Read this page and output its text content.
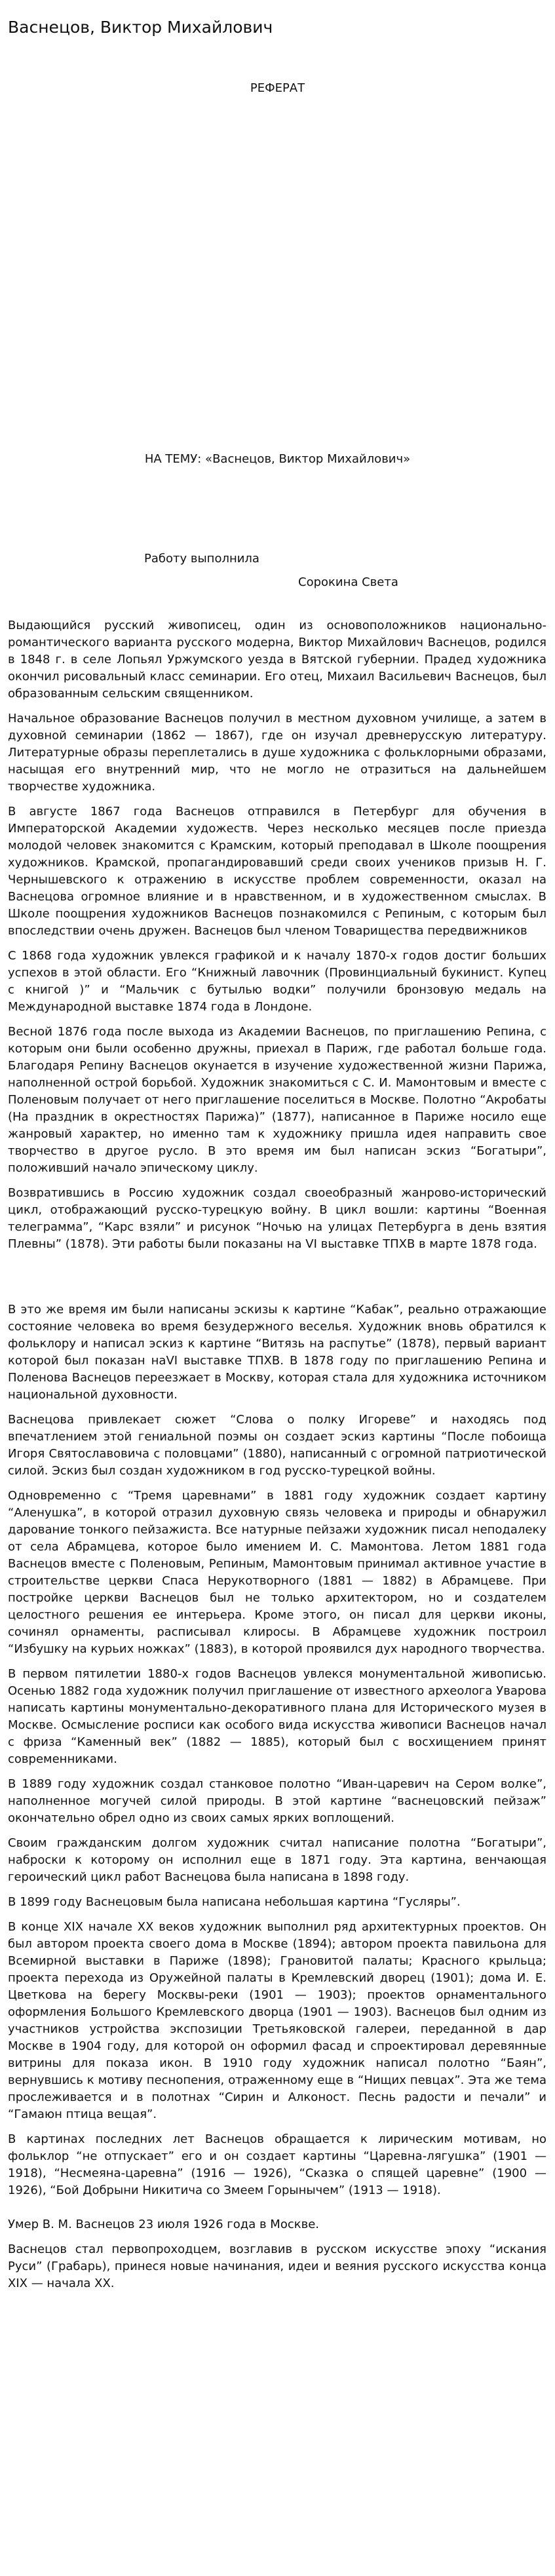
Васнецов, Виктор Михайлович
РЕФЕРАТ
НА ТЕМУ: «Васнецов, Виктор Михайлович»
Работу выполнила
Сорокина Света

Выдающийся русский живописец, один из основоположников национально-романтического варианта русского модерна, Виктор Михайлович Васнецов, родился в 1848 г. в селе Лопьял Уржумского уезда в Вятской губернии. Прадед художника окончил рисовальный класс семинарии. Его отец, Михаил Васильевич Васнецов, был образованным сельским священником.

Начальное образование Васнецов получил в местном духовном училище, а затем в духовной семинарии (1862 — 1867), где он изучал древнерусскую литературу. Литературные образы переплетались в душе художника с фольклорными образами, насыщая его внутренний мир, что не могло не отразиться на дальнейшем творчестве художника.

В августе 1867 года Васнецов отправился в Петербург для обучения в Императорской Академии художеств. Через несколько месяцев после приезда молодой человек знакомится с Крамским, который преподавал в Школе поощрения художников. Крамской, пропагандировавший среди своих учеников призыв Н. Г. Чернышевского к отражению в искусстве проблем современности, оказал на Васнецова огромное влияние и в нравственном, и в художественном смыслах. В Школе поощрения художников Васнецов познакомился с Репиным, с которым был впоследствии очень дружен. Васнецов был членом Товарищества передвижников

С 1868 года художник увлекся графикой и к началу 1870-х годов достиг больших успехов в этой области. Его “Книжный лавочник (Провинциальный букинист. Купец с книгой )” и “Мальчик с бутылью водки” получили бронзовую медаль на Международной выставке 1874 года в Лондоне.

Весной 1876 года после выхода из Академии Васнецов, по приглашению Репина, с которым они были особенно дружны, приехал в Париж, где работал больше года. Благодаря Репину Васнецов окунается в изучение художественной жизни Парижа, наполненной острой борьбой. Художник знакомиться с С. И. Мамонтовым и вместе с Поленовым получает от него приглашение поселиться в Москве. Полотно “Акробаты (На праздник в окрестностях Парижа)” (1877), написанное в Париже носило еще жанровый характер, но именно там к художнику пришла идея направить свое творчество в другое русло. В это время им был написан эскиз “Богатыри”, положивший начало эпическому циклу.

Возвратившись в Россию художник создал своеобразный жанрово-исторический цикл, отображающий русско-турецкую войну. В цикл вошли: картины “Военная телеграмма”, “Карс взяли” и рисунок “Ночью на улицах Петербурга в день взятия Плевны” (1878). Эти работы были показаны на VI выставке ТПХВ в марте 1878 года.

В это же время им были написаны эскизы к картине “Кабак”, реально отражающие состояние человека во время безудержного веселья. Художник вновь обратился к фольклору и написал эскиз к картине “Витязь на распутье” (1878), первый вариант которой был показан наVI выставке ТПХВ. В 1878 году по приглашению Репина и Поленова Васнецов переезжает в Москву, которая стала для художника источником национальной духовности.

Васнецова привлекает сюжет “Слова о полку Игореве” и находясь под впечатлением этой гениальной поэмы он создает эскиз картины “После побоища Игоря Святославовича с половцами” (1880), написанный с огромной патриотической силой. Эскиз был создан художником в год русско-турецкой войны.

Одновременно с “Тремя царевнами” в 1881 году художник создает картину “Аленушка”, в которой отразил духовную связь человека и природы и обнаружил дарование тонкого пейзажиста. Все натурные пейзажи художник писал неподалеку от села Абрамцева, которое было имением И. С. Мамонтова. Летом 1881 года Васнецов вместе с Поленовым, Репиным, Мамонтовым принимал активное участие в строительстве церкви Спаса Нерукотворного (1881 — 1882) в Абрамцеве. При постройке церкви Васнецов был не только архитектором, но и создателем целостного решения ее интерьера. Кроме этого, он писал для церкви иконы, сочинял орнаменты, расписывал клиросы. В Абрамцеве художник построил “Избушку на курьих ножках” (1883), в которой проявился дух народного творчества.

В первом пятилетии 1880-х годов Васнецов увлекся монументальной живописью. Осенью 1882 года художник получил приглашение от известного археолога Уварова написать картины монументально-декоративного плана для Исторического музея в Москве. Осмысление росписи как особого вида искусства живописи Васнецов начал с фриза “Каменный век” (1882 — 1885), который был с восхищением принят современниками.

В 1889 году художник создал станковое полотно “Иван-царевич на Сером волке”, наполненное могучей силой природы. В этой картине “васнецовский пейзаж” окончательно обрел одно из своих самых ярких воплощений.

Своим гражданским долгом художник считал написание полотна “Богатыри”, наброски к которому он исполнил еще в 1871 году. Эта картина, венчающая героический цикл работ Васнецова была написана в 1898 году.

В 1899 году Васнецовым была написана небольшая картина “Гусляры”.

В конце XIX начале XX веков художник выполнил ряд архитектурных проектов. Он был автором проекта своего дома в Москве (1894); автором проекта павильона для Всемирной выставки в Париже (1898); Грановитой палаты; Красного крыльца; проекта перехода из Оружейной палаты в Кремлевский дворец (1901); дома И. Е. Цветкова на берегу Москвы-реки (1901 — 1903); проектов орнаментального оформления Большого Кремлевского дворца (1901 — 1903). Васнецов был одним из участников устройства экспозиции Третьяковской галереи, переданной в дар Москве в 1904 году, для которой он оформил фасад и спроектировал деревянные витрины для показа икон. В 1910 году художник написал полотно “Баян”, вернувшись к мотиву песнопения, отраженному еще в “Нищих певцах”. Эта же тема прослеживается и в полотнах “Сирин и Алконост. Песнь радости и печали” и “Гамаюн птица вещая”.

В картинах последних лет Васнецов обращается к лирическим мотивам, но фольклор “не отпускает” его и он создает картины “Царевна-лягушка” (1901 — 1918), “Несмеяна-царевна” (1916 — 1926), “Сказка о спящей царевне” (1900 — 1926), “Бой Добрыни Никитича со Змеем Горынычем” (1913 — 1918).

Умер В. М. Васнецов 23 июля 1926 года в Москве.

Васнецов стал первопроходцем, возглавив в русском искусстве эпоху “искания Руси” (Грабарь), принеся новые начинания, идеи и веяния русского искусства конца XIX — начала XX.
